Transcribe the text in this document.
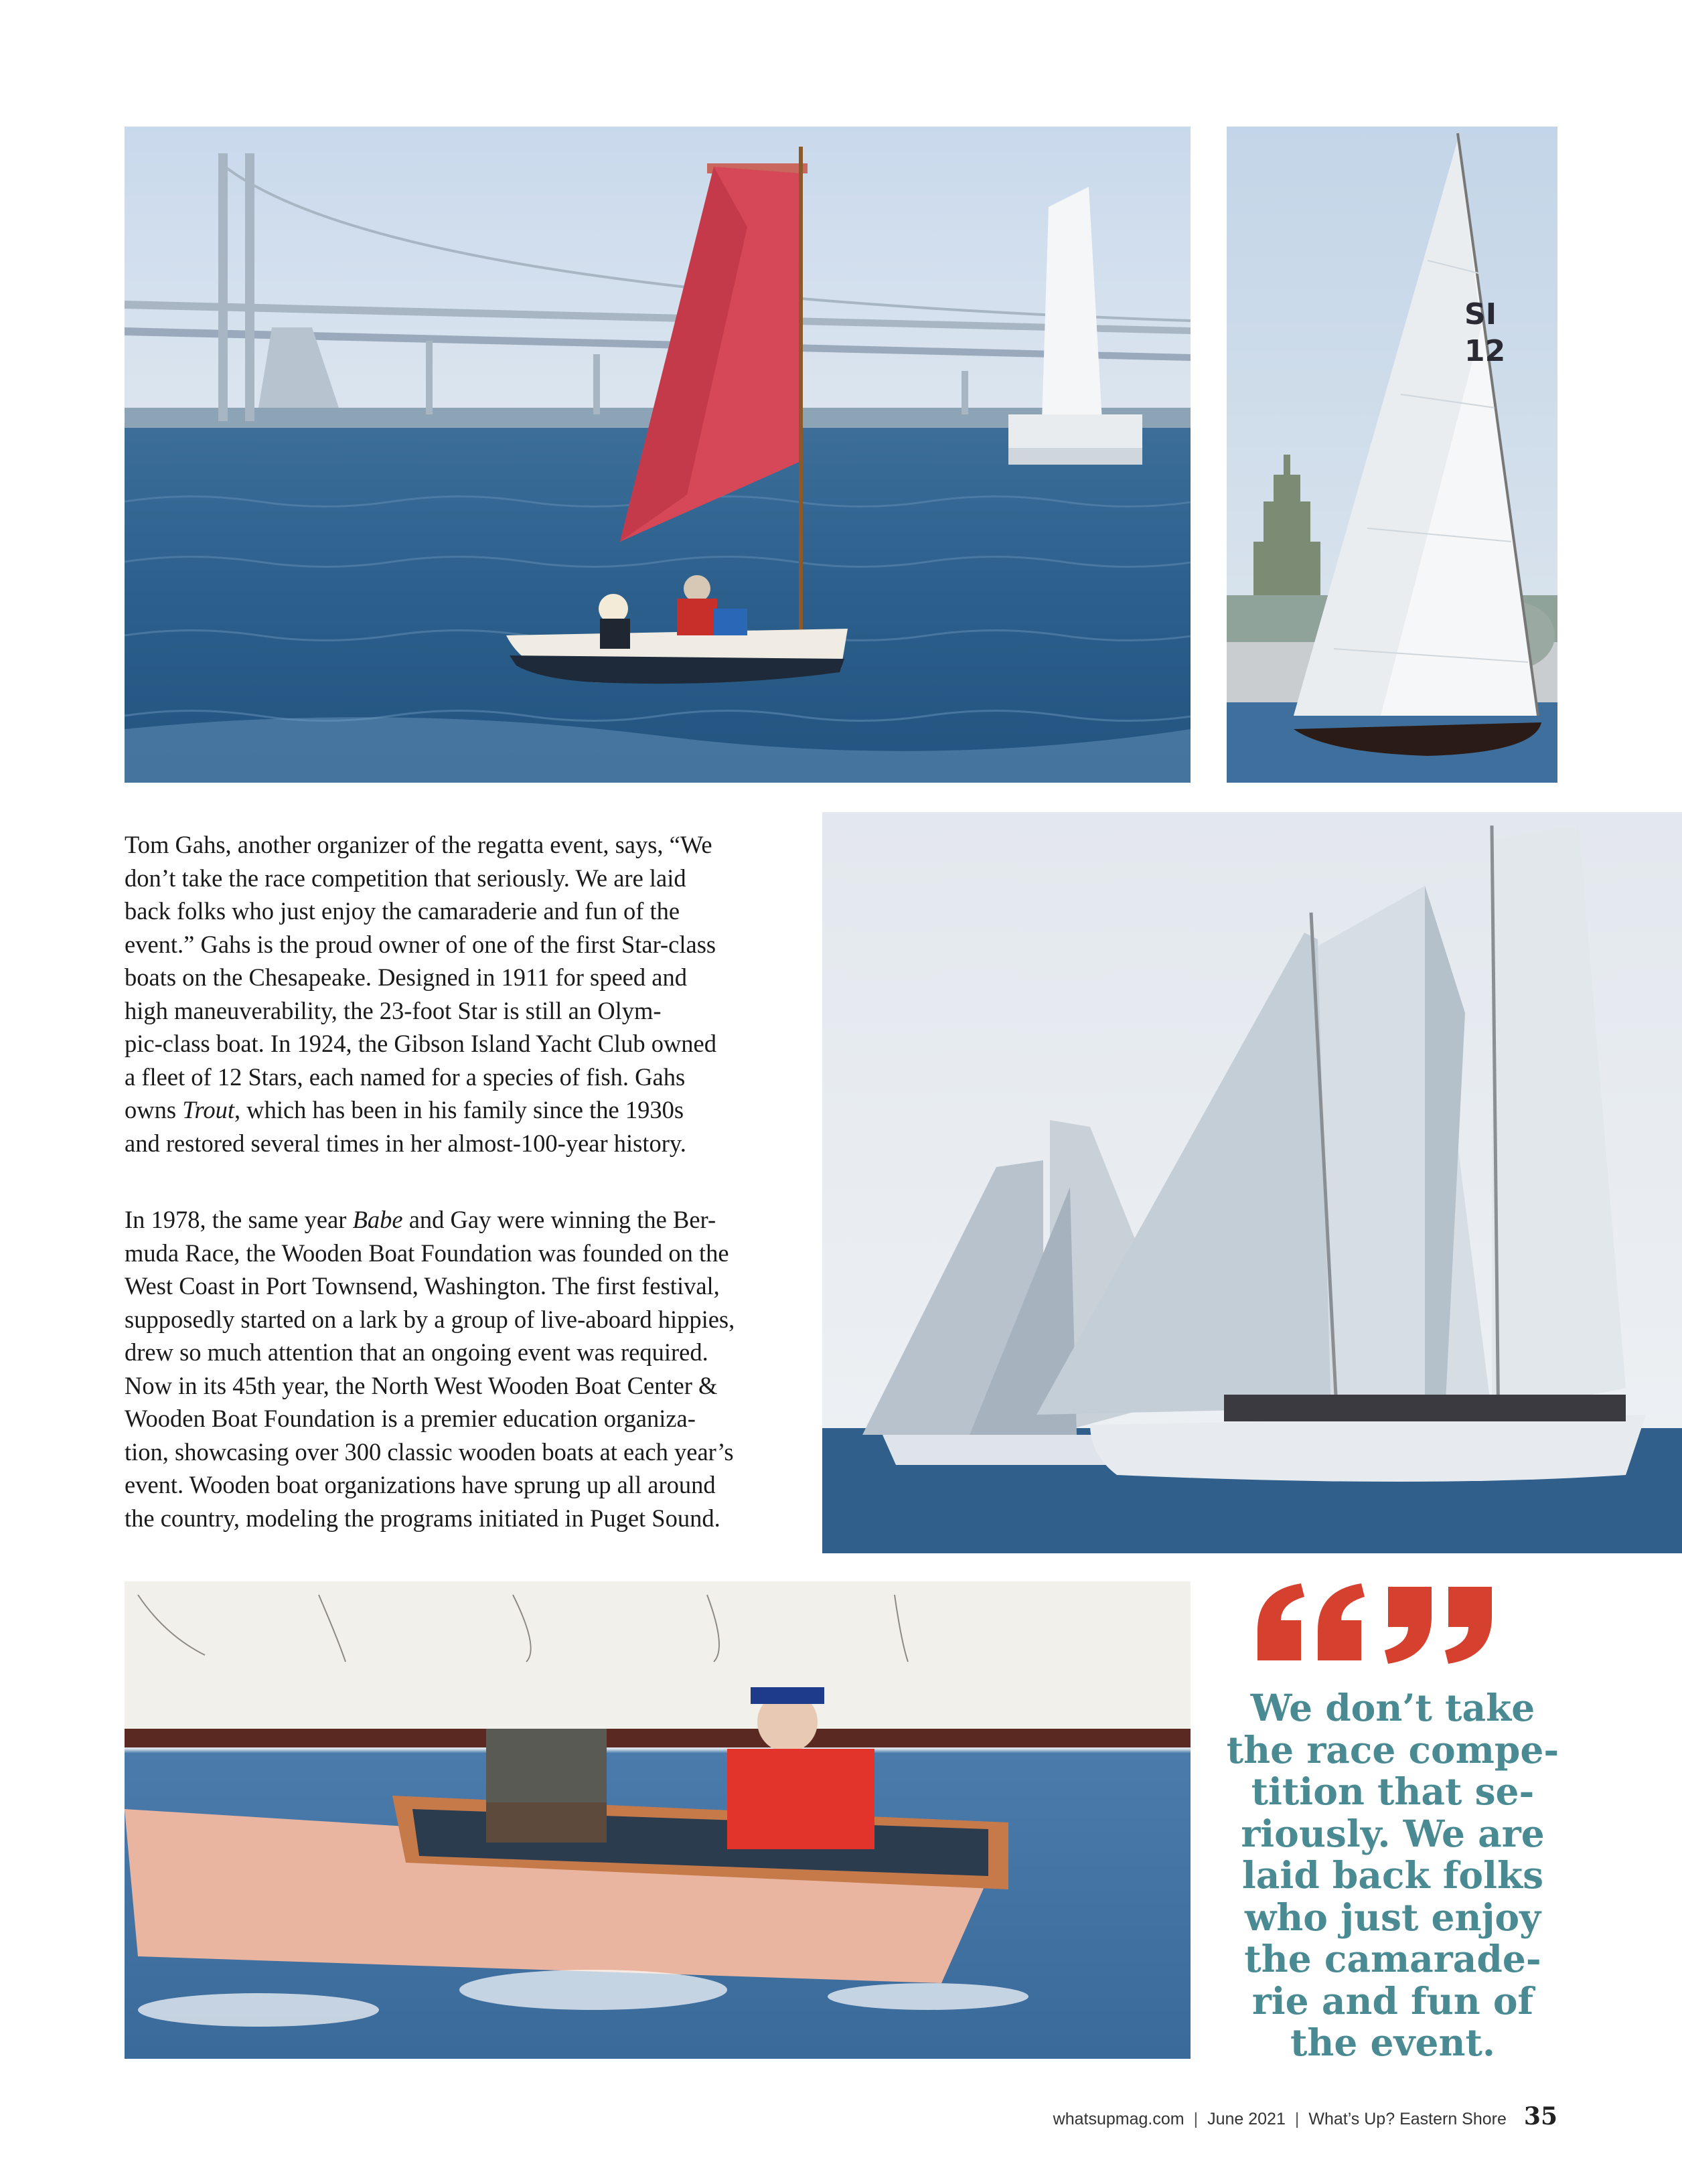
SI
12

Tom Gahs, another organizer of the regatta event, says, “We
don’t take the race competition that seriously. We are laid
back folks who just enjoy the camaraderie and fun of the
event.” Gahs is the proud owner of one of the first Star-class
boats on the Chesapeake. Designed in 1911 for speed and
high maneuverability, the 23-foot Star is still an Olym-
pic-class boat. In 1924, the Gibson Island Yacht Club owned
a fleet of 12 Stars, each named for a species of fish. Gahs
owns Trout, which has been in his family since the 1930s
and restored several times in her almost-100-year history.

In 1978, the same year Babe and Gay were winning the Ber-
muda Race, the Wooden Boat Foundation was founded on the
West Coast in Port Townsend, Washington. The first festival,
supposedly started on a lark by a group of live-aboard hippies,
drew so much attention that an ongoing event was required.
Now in its 45th year, the North West Wooden Boat Center &
Wooden Boat Foundation is a premier education organiza-
tion, showcasing over 300 classic wooden boats at each year’s
event. Wooden boat organizations have sprung up all around
the country, modeling the programs initiated in Puget Sound.

We don’t take
the race compe-
tition that se-
riously. We are
laid back folks
who just enjoy
the camarade-
rie and fun of
the event.
whatsupmag.com | June 2021 | What’s Up? Eastern Shore 35
